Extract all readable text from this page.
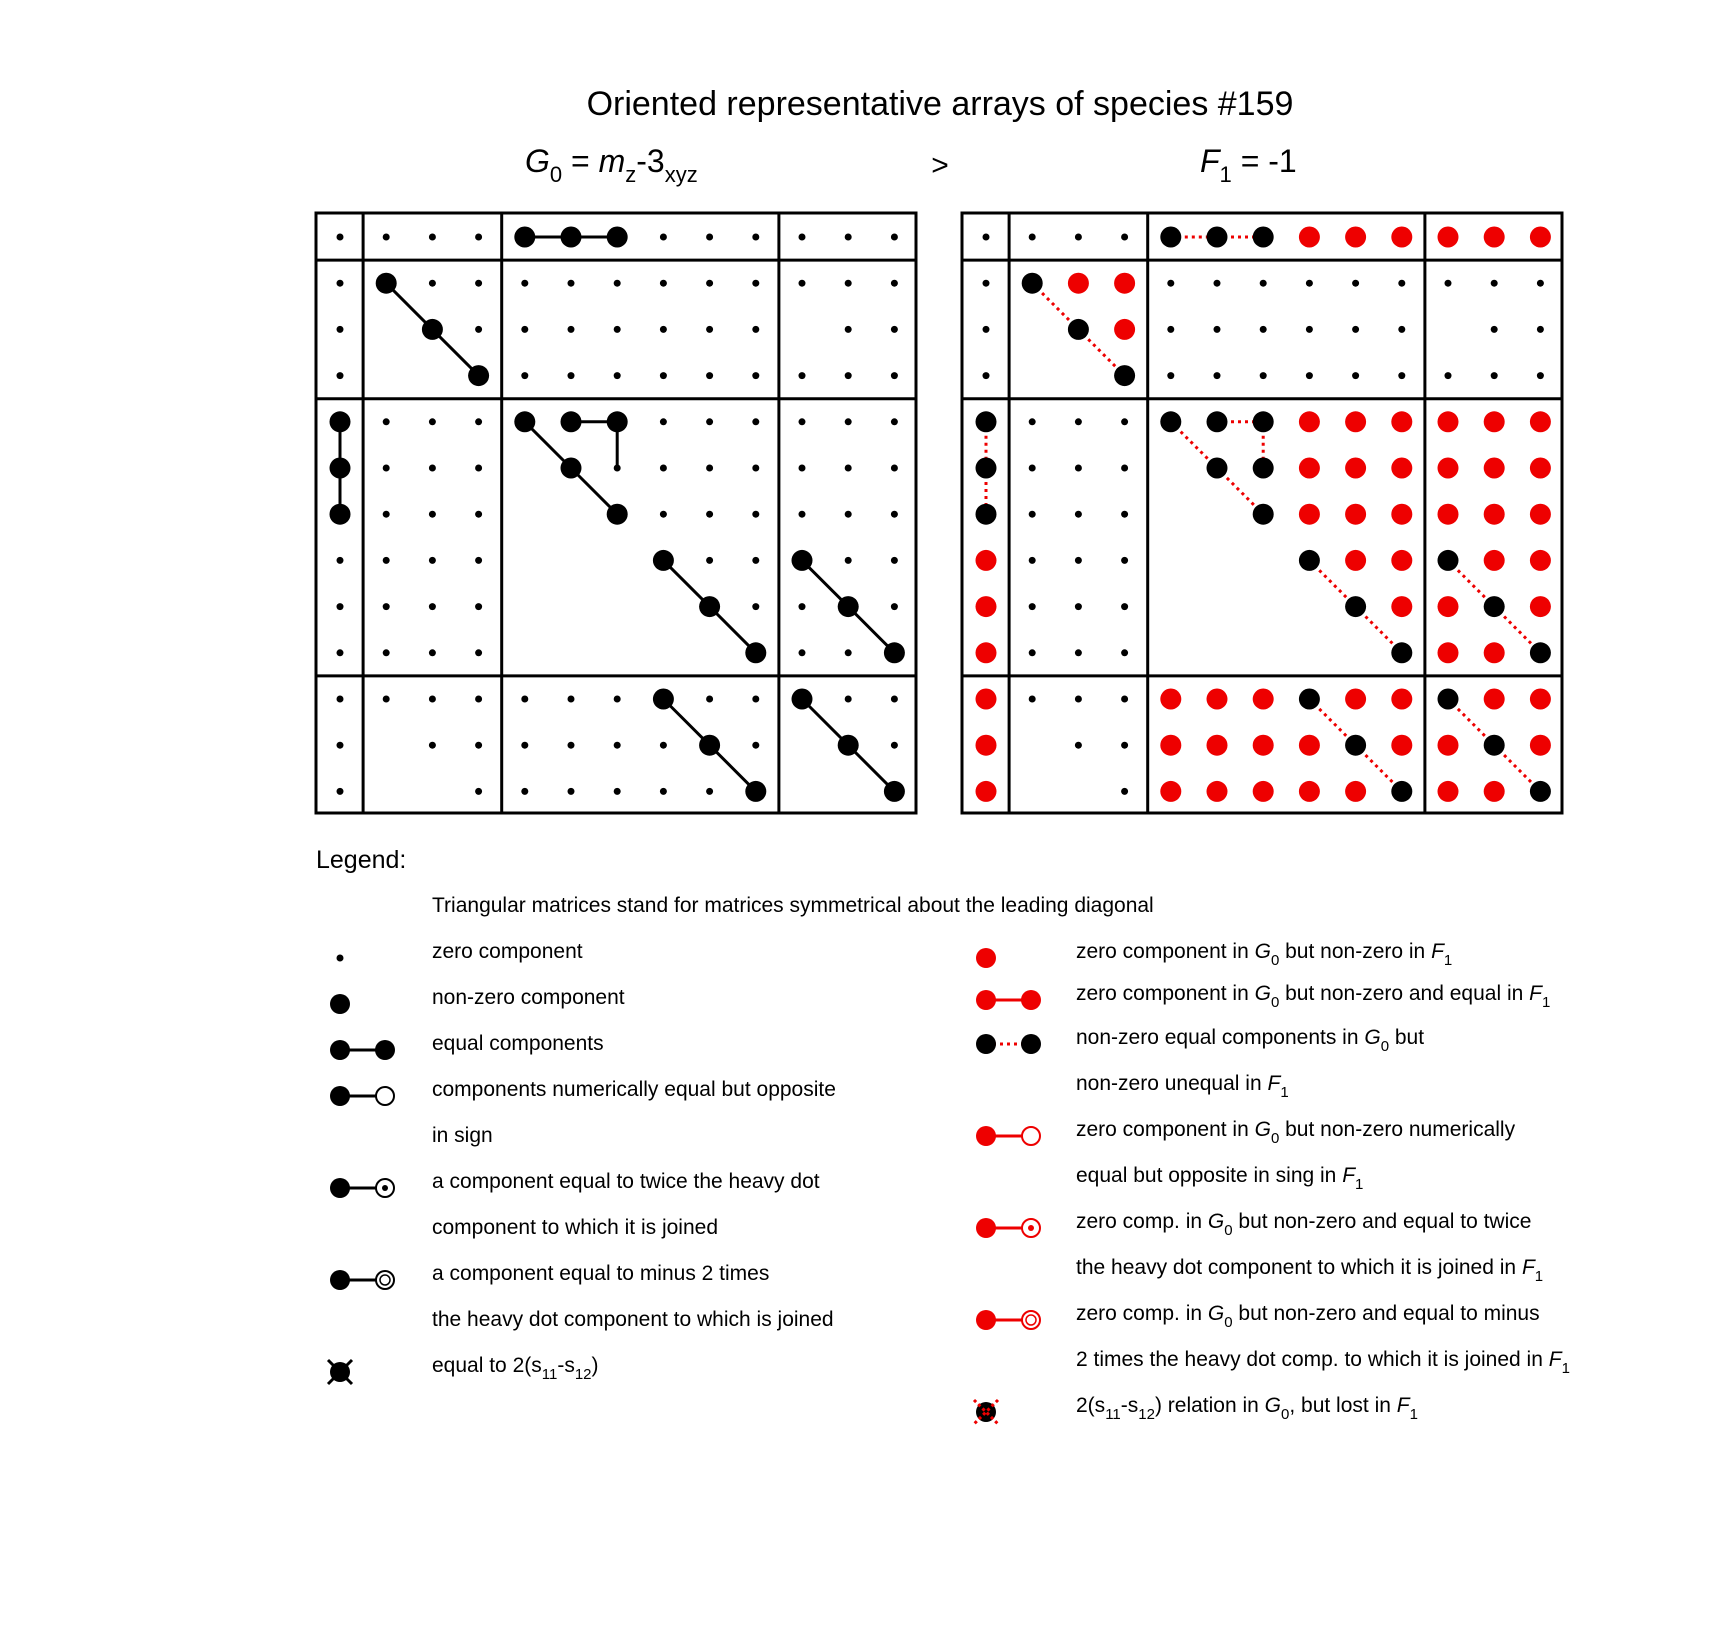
Oriented representative arrays of species #159
$G_0 = m_z-3_{xyz}$	>	$F_1 = -1$
Legend:
Triangular matrices stand for matrices symmetrical about the leading diagonal
zero component
non-zero component
equal components
components numerically equal but opposite
in sign
a component equal to twice the heavy dot
component to which it is joined
a component equal to minus 2 times
the heavy dot component to which is joined
equal to $2(s_{11}-s_{12})$
zero component in $G_0$ but non-zero in $F_1$
zero component in $G_0$ but non-zero and equal in $F_1$
non-zero equal components in $G_0$ but
non-zero unequal in $F_1$
zero component in $G_0$ but non-zero numerically
equal but opposite in sing in $F_1$
zero comp. in $G_0$ but non-zero and equal to twice
the heavy dot component to which it is joined in $F_1$
zero comp. in $G_0$ but non-zero and equal to minus
2 times the heavy dot comp. to which it is joined in $F_1$
$2(s_{11}-s_{12})$ relation in $G_0$, but lost in $F_1$
